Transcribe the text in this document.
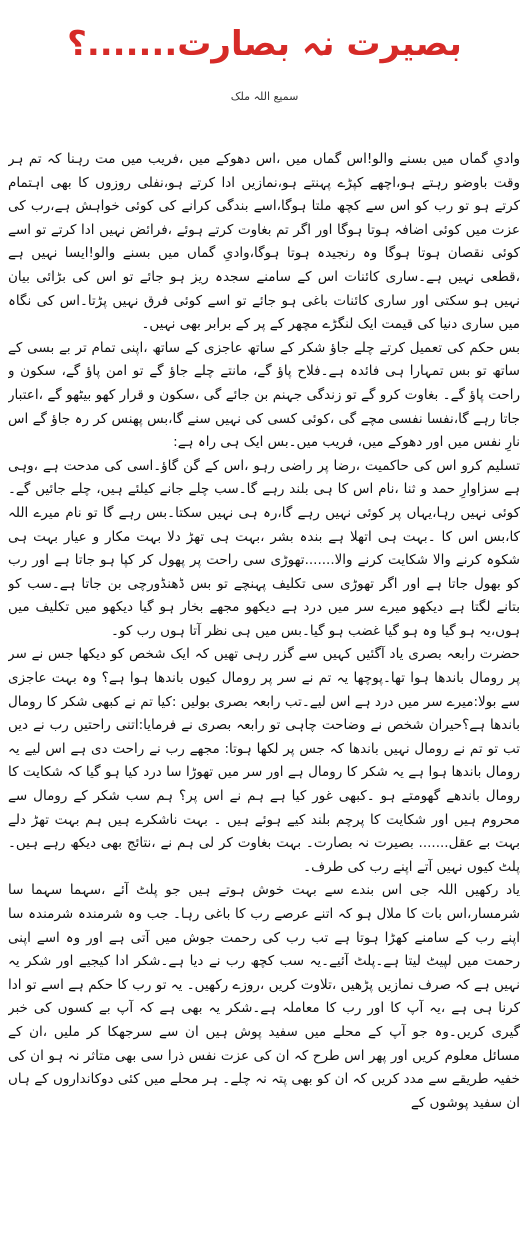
بصیرت نہ بصارت.......؟
سمیع اللہ ملک

وادیِ گماں میں بسنے والو!اس گماں میں ،اس دھوکے میں ،فریب میں مت رہنا کہ تم ہر وقت باوضو رہتے ہو،اچھے کپڑے پہنتے ہو،نمازیں ادا کرتے ہو،نفلی روزوں کا بھی اہتمام کرتے ہو تو رب کو اس سے کچھ ملتا ہوگا،اسے بندگی کرانے کی کوئی خواہش ہے،رب کی عزت میں کوئی اضافہ ہوتا ہوگا اور اگر تم بغاوت کرتے ہوئے ،فرائض نہیں ادا کرتے تو اسے کوئی نقصان ہوتا ہوگا وہ رنجیدہ ہوتا ہوگا،وادیِ گماں میں بسنے والو!ایسا نہیں ہے ،قطعی نہیں ہے۔ساری کائنات اس کے سامنے سجدہ ریز ہو جائے تو اس کی بڑائی بیان نہیں ہو سکتی اور ساری کائنات باغی ہو جائے تو اسے کوئی فرق نہیں پڑتا۔اس کی نگاہ میں ساری دنیا کی قیمت ایک لنگڑے مچھر کے پر کے برابر بھی نہیں۔

بس حکم کی تعمیل کرتے چلے جاؤ شکر کے ساتھ عاجزی کے ساتھ ،اپنی تمام تر بے بسی کے ساتھ تو بس تمہارا ہی فائدہ ہے۔فلاح پاؤ گے، مانتے چلے جاؤ گے تو امن پاؤ گے، سکون و راحت پاؤ گے۔ بغاوت کرو گے تو زندگی جہنم بن جائے گی ،سکون و قرار کھو بیٹھو گے ،اعتبار جاتا رہے گا،نفسا نفسی مچے گی ،کوئی کسی کی نہیں سنے گا،بس پھنس کر رہ جاؤ گے اس نارِ نفس میں اور دھوکے میں، فریب میں۔بس ایک ہی راہ ہے:

تسلیم کرو اس کی حاکمیت ،رضا پر راضی رہو ،اس کے گن گاؤ۔اسی کی مدحت ہے ،وہی ہے سزاوارِ حمد و ثنا ،نام اس کا ہی بلند رہے گا۔سب چلے جانے کیلئے ہیں، چلے جائیں گے۔کوئی نہیں رہا،یہاں پر کوئی نہیں رہے گا،رہ ہی نہیں سکتا۔بس رہے گا تو نام میرے اللہ کا،بس اس کا ۔بہت ہی اتھلا ہے بندہ بشر ،بہت ہی تھڑ دلا بہت مکار و عیار بہت ہی شکوہ کرنے والا شکایت کرنے والا.......تھوڑی سی راحت پر پھول کر کپا ہو جاتا ہے اور رب کو بھول جاتا ہے اور اگر تھوڑی سی تکلیف پہنچے تو بس ڈھنڈورچی بن جاتا ہے۔سب کو بتانے لگتا ہے دیکھو میرے سر میں درد ہے دیکھو مجھے بخار ہو گیا دیکھو میں تکلیف میں ہوں،یہ ہو گیا وہ ہو گیا غضب ہو گیا۔بس میں ہی نظر آتا ہوں رب کو۔

حضرت رابعہ بصری یاد آگئیں کہیں سے گزر رہی تھیں کہ ایک شخص کو دیکھا جس نے سر پر رومال باندھا ہوا تھا۔پوچھا یہ تم نے سر پر رومال کیوں باندھا ہوا ہے؟ وہ بہت عاجزی سے بولا:میرے سر میں درد ہے اس لیے۔تب رابعہ بصری بولیں :کیا تم نے کبھی شکر کا رومال باندھا ہے؟حیران شخص نے وضاحت چاہی تو رابعہ بصری نے فرمایا:اتنی راحتیں رب نے دیں تب تو تم نے رومال نہیں باندھا کہ جس پر لکھا ہوتا: مجھے رب نے راحت دی ہے اس لیے یہ رومال باندھا ہوا ہے یہ شکر کا رومال ہے اور سر میں تھوڑا سا درد کیا ہو گیا کہ شکایت کا رومال باندھے گھومتے ہو ۔کبھی غور کیا ہے ہم نے اس پر؟ ہم سب شکر کے رومال سے محروم ہیں اور شکایت کا پرچم بلند کیے ہوئے ہیں ۔ بہت ناشکرے ہیں ہم بہت تھڑ دلے بہت بے عقل....... بصیرت نہ بصارت۔ بہت بغاوت کر لی ہم نے ،نتائج بھی دیکھ رہے ہیں۔ پلٹ کیوں نہیں آتے اپنے رب کی طرف۔

یاد رکھیں اللہ جی اس بندے سے بہت خوش ہوتے ہیں جو پلٹ آئے ،سہما سہما سا شرمسار،اس بات کا ملال ہو کہ اتنے عرصے رب کا باغی رہا۔ جب وہ شرمندہ شرمندہ سا اپنے رب کے سامنے کھڑا ہوتا ہے تب رب کی رحمت جوش میں آتی ہے اور وہ اسے اپنی رحمت میں لپیٹ لیتا ہے۔پلٹ آئیے۔یہ سب کچھ رب نے دیا ہے۔شکر ادا کیجیے اور شکر یہ نہیں ہے کہ صرف نمازیں پڑھیں ،تلاوت کریں ،روزے رکھیں۔ یہ تو رب کا حکم ہے اسے تو ادا کرنا ہی ہے ،یہ آپ کا اور رب کا معاملہ ہے۔شکر یہ بھی ہے کہ آپ بے کسوں کی خبر گیری کریں۔وہ جو آپ کے محلے میں سفید پوش ہیں ان سے سرجھکا کر ملیں ،ان کے مسائل معلوم کریں اور پھر اس طرح کہ ان کی عزت نفس ذرا سی بھی متاثر نہ ہو ان کی خفیہ طریقے سے مدد کریں کہ ان کو بھی پتہ نہ چلے۔ ہر محلے میں کئی دوکانداروں کے ہاں ان سفید پوشوں کے
